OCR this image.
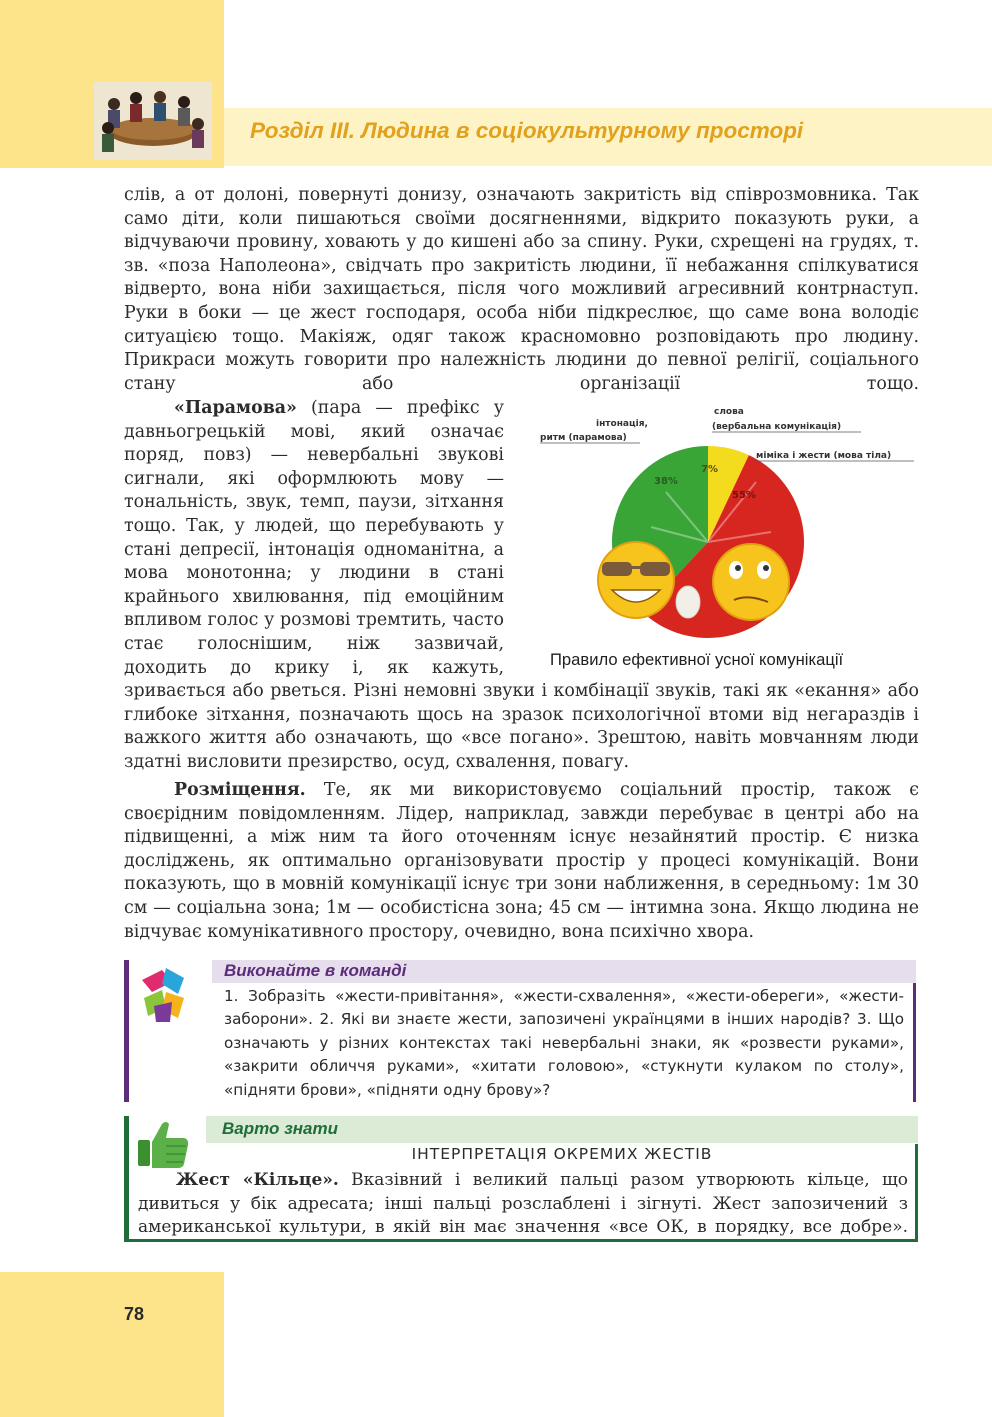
Розділ ІІІ. Людина в соціокультурному просторі
слів, а от долоні, повернуті донизу, означають закритість від співрозмовника. Так само діти, коли пишаються своїми досягненнями, відкрито показують руки, а відчуваючи провину, ховають у до кишені або за спину. Руки, схрещені на грудях, т. зв. «поза Наполеона», свідчать про закритість людини, її небажання спілкуватися відверто, вона ніби захищається, після чого можливий агресивний контрнаступ. Руки в боки — це жест господаря, особа ніби підкреслює, що саме вона володіє ситуацією тощо. Макіяж, одяг також красномовно розповідають про людину. Прикраси можуть говорити про належність людини до певної релігії, соціального стану або організації тощо.
«Парамова» (пара — префікс у давньогрецькій мові, який означає поряд, повз) — невербальні звукові сигнали, які оформлюють мову — тональність, звук, темп, паузи, зітхання тощо. Так, у людей, що перебувають у стані депресії, інтонація одноманітна, а мова монотонна; у людини в стані крайнього хвилювання, під емоційним впливом голос у розмові тремтить, часто стає голоснішим, ніж зазвичай, доходить до крику і, як кажуть,
зривається або рветься. Різні немовні звуки і комбінації звуків, такі як «екання» або глибоке зітхання, позначають щось на зразок психологічної втоми від негараздів і важкого життя або означають, що «все погано». Зрештою, навіть мовчанням люди здатні висловити презирство, осуд, схвалення, повагу.
Розміщення. Те, як ми використовуємо соціальний простір, також є своєрідним повідомленням. Лідер, наприклад, завжди перебуває в центрі або на підвищенні, а між ним та його оточенням існує незайнятий простір. Є низка досліджень, як оптимально організовувати простір у процесі комунікацій. Вони показують, що в мовній комунікації існує три зони наближення, в середньому: 1м 30 см — соціальна зона; 1м — особистісна зона; 45 см — інтимна зона. Якщо людина не відчуває комунікативного простору, очевидно, вона психічно хвора.
інтонація,
ритм (парамова)
слова
(вербальна комунікація)
міміка і жести (мова тіла)
38%
7%
55%
Правило ефективної усної комунікації
Виконайте в команді
1. Зобразіть «жести-привітання», «жести-схвалення», «жести-обереги», «жести-заборони». 2. Які ви знаєте жести, запозичені українцями в інших народів? 3. Що означають у різних контекстах такі невербальні знаки, як «розвести руками», «закрити обличчя руками», «хитати головою», «стукнути кулаком по столу», «підняти брови», «підняти одну брову»?
Варто знати
ІНТЕРПРЕТАЦІЯ ОКРЕМИХ ЖЕСТІВ
Жест «Кільце». Вказівний і великий пальці разом утворюють кільце, що дивиться у бік адресата; інші пальці розслаблені і зігнуті. Жест запозичений з американської культури, в якій він має значення «все ОК, в порядку, все добре».
78
